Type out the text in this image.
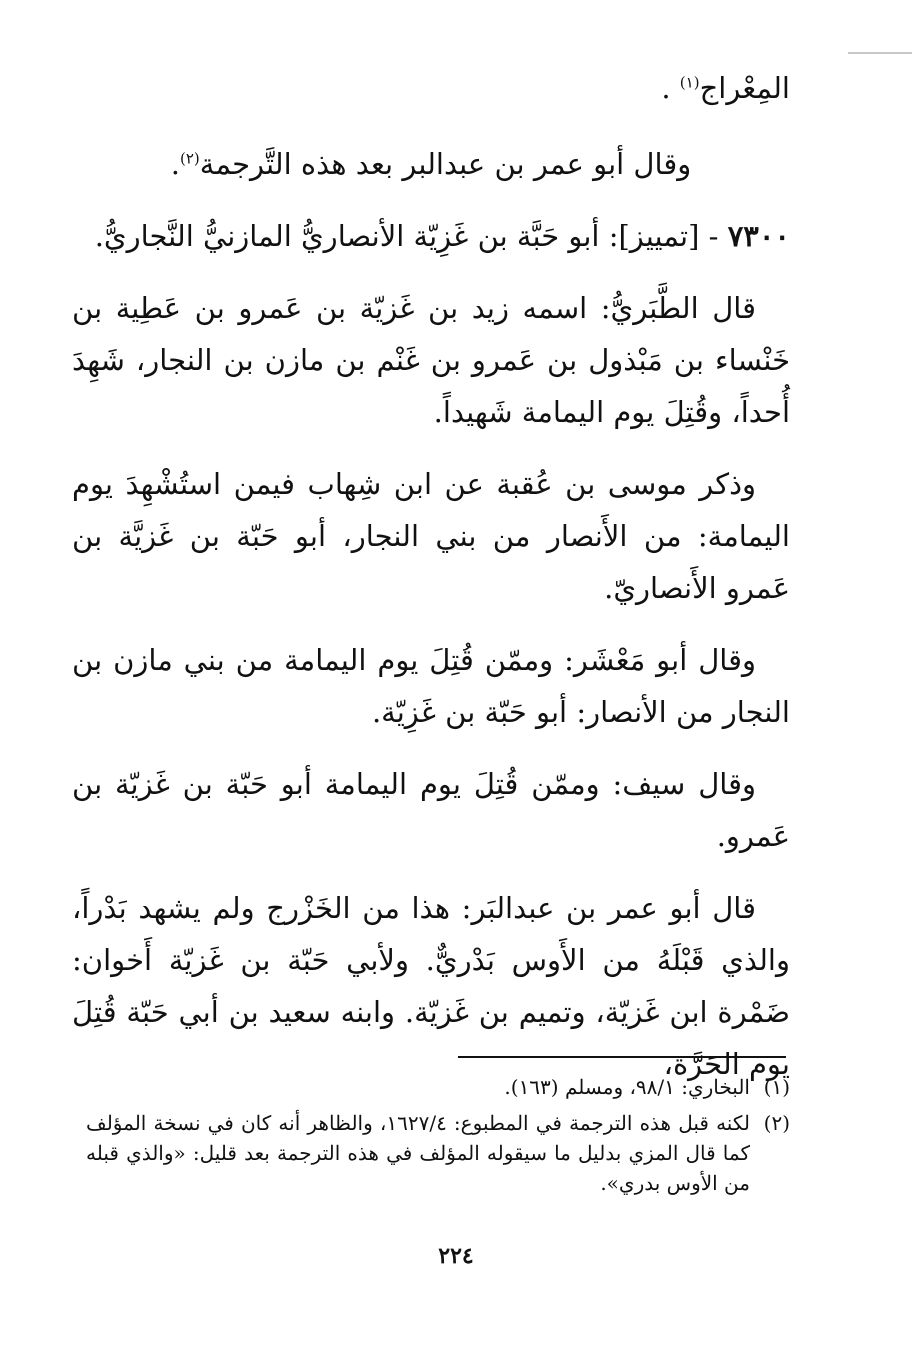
المِعْراج$^{(١)}$ .

وقال أبو عمر بن عبدالبر بعد هذه التَّرجمة$^{(٢)}$.

٧٣٠٠ - [تمييز]: أبو حَبَّة بن غَزِيّة الأنصاريُّ المازنيُّ النَّجاريُّ.

قال الطَّبَريُّ: اسمه زيد بن غَزيّة بن عَمرو بن عَطِية بن خَنْساء بن مَبْذول بن عَمرو بن غَنْم بن مازن بن النجار، شَهِدَ أُحداً، وقُتِلَ يوم اليمامة شَهيداً.

وذكر موسى بن عُقبة عن ابن شِهاب فيمن استُشْهِدَ يوم اليمامة: من الأَنصار من بني النجار، أبو حَبّة بن غَزيَّة بن عَمرو الأَنصاريّ.

وقال أبو مَعْشَر: وممّن قُتِلَ يوم اليمامة من بني مازن بن النجار من الأنصار: أبو حَبّة بن غَزِيّة.

وقال سيف: وممّن قُتِلَ يوم اليمامة أبو حَبّة بن غَزيّة بن عَمرو.

قال أبو عمر بن عبدالبَر: هذا من الخَزْرج ولم يشهد بَدْراً، والذي قَبْلَهُ من الأَوس بَدْريٌّ. ولأبي حَبّة بن غَزيّة أَخوان: ضَمْرة ابن غَزيّة، وتميم بن غَزيّة. وابنه سعيد بن أبي حَبّة قُتِلَ يوم الحَرَّة،

(١)
البخاري: ٩٨/١، ومسلم (١٦٣).
(٢)
لكنه قبل هذه الترجمة في المطبوع: ١٦٢٧/٤، والظاهر أنه كان في نسخة المؤلف كما قال المزي بدليل ما سيقوله المؤلف في هذه الترجمة بعد قليل: «والذي قبله من الأوس بدري».
٢٢٤
